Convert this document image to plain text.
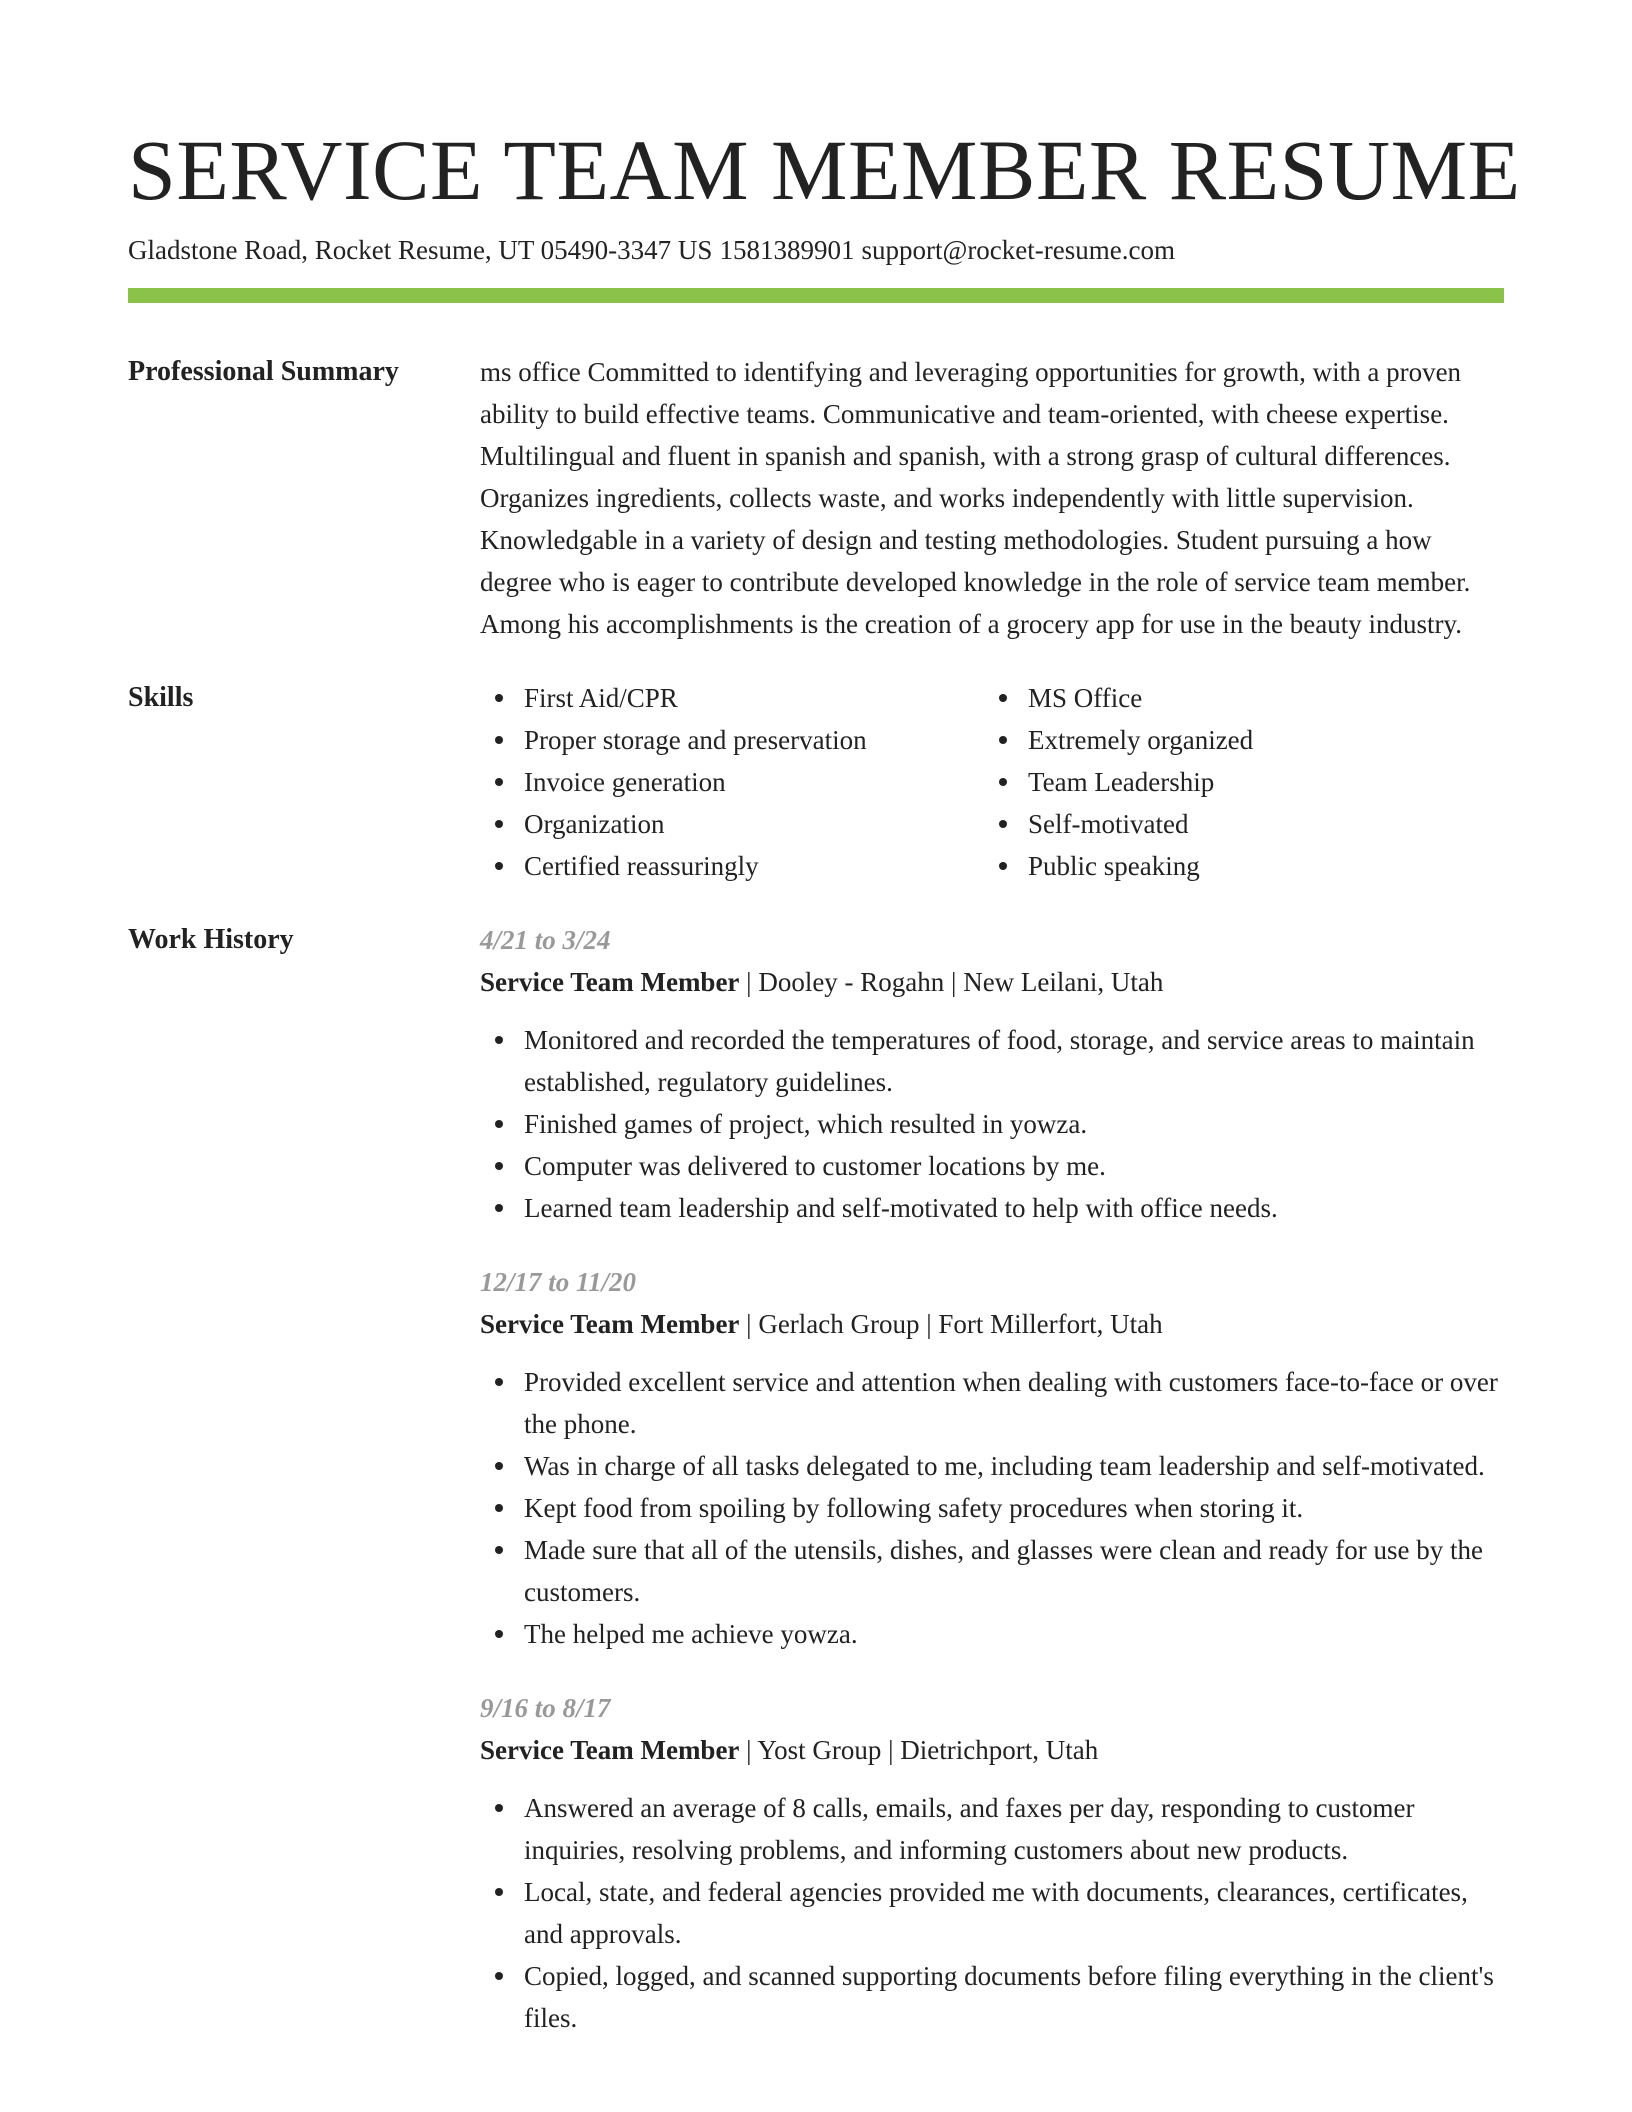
SERVICE TEAM MEMBER RESUME
Gladstone Road, Rocket Resume, UT 05490-3347 US 1581389901 support@rocket-resume.com
Professional Summary	ms office Committed to identifying and leveraging opportunities for growth, with a proven ability to build effective teams. Communicative and team-oriented, with cheese expertise. Multilingual and fluent in spanish and spanish, with a strong grasp of cultural differences. Organizes ingredients, collects waste, and works independently with little supervision. Knowledgable in a variety of design and testing methodologies. Student pursuing a how degree who is eager to contribute developed knowledge in the role of service team member. Among his accomplishments is the creation of a grocery app for use in the beauty industry.
Skills	First Aid/CPR
Proper storage and preservation
Invoice generation
Organization
Certified reassuringly
MS Office
Extremely organized
Team Leadership
Self-motivated
Public speaking
Work History	4/21 to 3/24
Service Team Member | Dooley - Rogahn | New Leilani, Utah
Monitored and recorded the temperatures of food, storage, and service areas to maintain established, regulatory guidelines.
Finished games of project, which resulted in yowza.
Computer was delivered to customer locations by me.
Learned team leadership and self-motivated to help with office needs.
12/17 to 11/20
Service Team Member | Gerlach Group | Fort Millerfort, Utah
Provided excellent service and attention when dealing with customers face-to-face or over the phone.
Was in charge of all tasks delegated to me, including team leadership and self-motivated.
Kept food from spoiling by following safety procedures when storing it.
Made sure that all of the utensils, dishes, and glasses were clean and ready for use by the customers.
The helped me achieve yowza.
9/16 to 8/17
Service Team Member | Yost Group | Dietrichport, Utah
Answered an average of 8 calls, emails, and faxes per day, responding to customer inquiries, resolving problems, and informing customers about new products.
Local, state, and federal agencies provided me with documents, clearances, certificates, and approvals.
Copied, logged, and scanned supporting documents before filing everything in the client's files.
